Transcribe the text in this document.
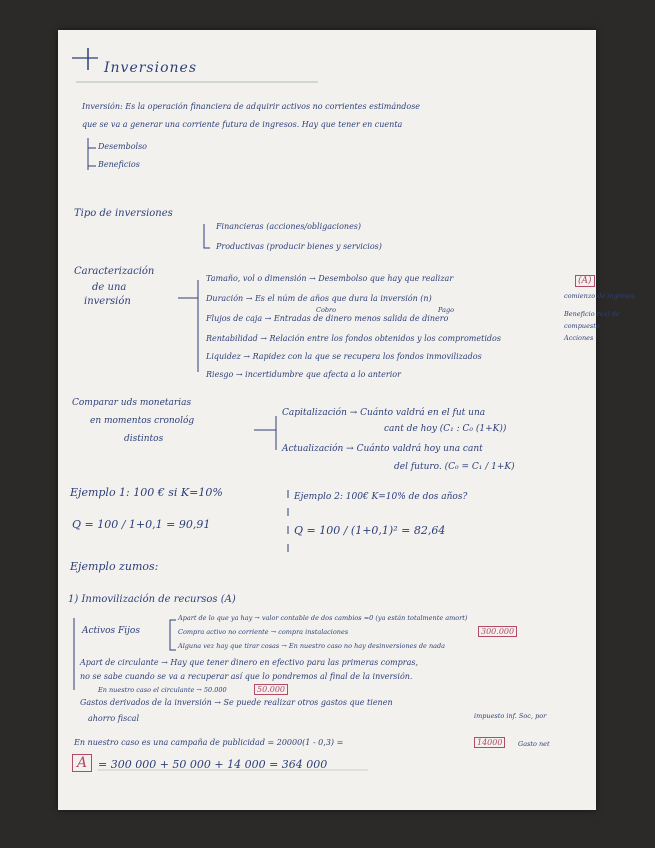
Inversiones
Inversión: Es la operación financiera de adquirir activos no corrientes estimándose
que se va a generar una corriente futura de ingresos. Hay que tener en cuenta
Desembolso
Beneficios
Tipo de inversiones
Financieras (acciones/obligaciones)
Productivas (producir bienes y servicios)
Caracterización
de una
inversión
Tamaño, vol o dimensión → Desembolso que hay que realizar	(A)
Duración → Es el núm de años que dura la inversión (n)
Flujos de caja → Entradas de dinero menos salida de dinero
Cobro	Pago
comienzo de ingresos
Beneficio real de
compuesto
Acciones
Rentabilidad → Relación entre los fondos obtenidos y los comprometidos
Liquidez → Rapidez con la que se recupera los fondos inmovilizados
Riesgo → incertidumbre que afecta a lo anterior
Comparar uds monetarias
en momentos cronológ
distintos
Capitalización → Cuánto valdrá en el fut una
cant de hoy (C₁ : C₀ (1+K))
Actualización → Cuánto valdrá hoy una cant
del futuro. (C₀ = C₁ / 1+K)
Ejemplo 1: 100 € si K=10%
Q = 100 / 1+0,1 = 90,91
Ejemplo 2: 100€ K=10% de dos años?
Q = 100 / (1+0,1)² = 82,64
Ejemplo zumos:
1) Inmovilización de recursos (A)
Activos Fijos
Apart de lo que ya hay → valor contable de dos cambios =0 (ya están totalmente amort)
Compra activo no corriente → compra instalaciones	300.000
Alguna vez hay que tirar cosas → En nuestro caso no hay desinversiones de nada
Apart de circulante → Hay que tener dinero en efectivo para las primeras compras,
no se sabe cuando se va a recuperar así que lo pondremos al final de la inversión.
En nuestro caso el circulante → 50.000	50.000
Gastos derivados de la inversión → Se puede realizar otros gastos que tienen
impuesto inf. Soc, por
ahorro fiscal
En nuestro caso es una campaña de publicidad = 20000(1 - 0,3) =	14000	Gasto net
A = 300 000 + 50 000 + 14 000 = 364 000
